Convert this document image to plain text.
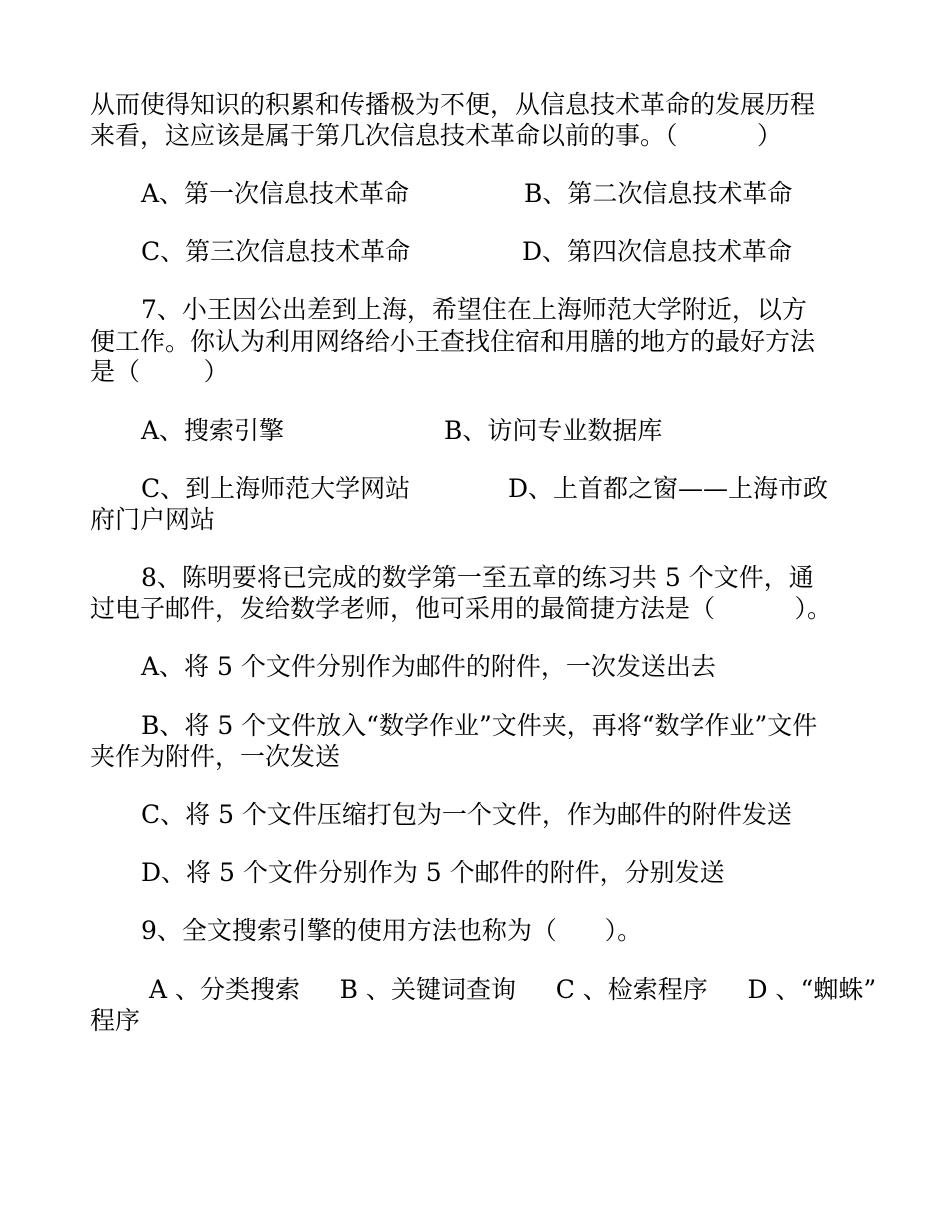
从而使得知识的积累和传播极为不便，从信息技术革命的发展历程

来看，这应该是属于第几次信息技术革命以前的事。（          ）

A、第一次信息技术革命	B、第二次信息技术革命

C、第三次信息技术革命	D、第四次信息技术革命

7、小王因公出差到上海，希望住在上海师范大学附近，以方

便工作。你认为利用网络给小王查找住宿和用膳的地方的最好方法

是（        ）

A、搜索引擎	B、访问专业数据库

C、到上海师范大学网站	D、上首都之窗——上海市政

府门户网站

8、陈明要将已完成的数学第一至五章的练习共 5 个文件，通

过电子邮件，发给数学老师，他可采用的最简捷方法是（          ）。

A、将 5 个文件分别作为邮件的附件，一次发送出去

B、将 5 个文件放入“数学作业”文件夹，再将“数学作业”文件

夹作为附件，一次发送

C、将 5 个文件压缩打包为一个文件，作为邮件的附件发送

D、将 5 个文件分别作为 5 个邮件的附件，分别发送

9、全文搜索引擎的使用方法也称为（      ）。

A 、分类搜索     B 、关键词查询     C 、检索程序     D 、“蜘蛛”

程序
